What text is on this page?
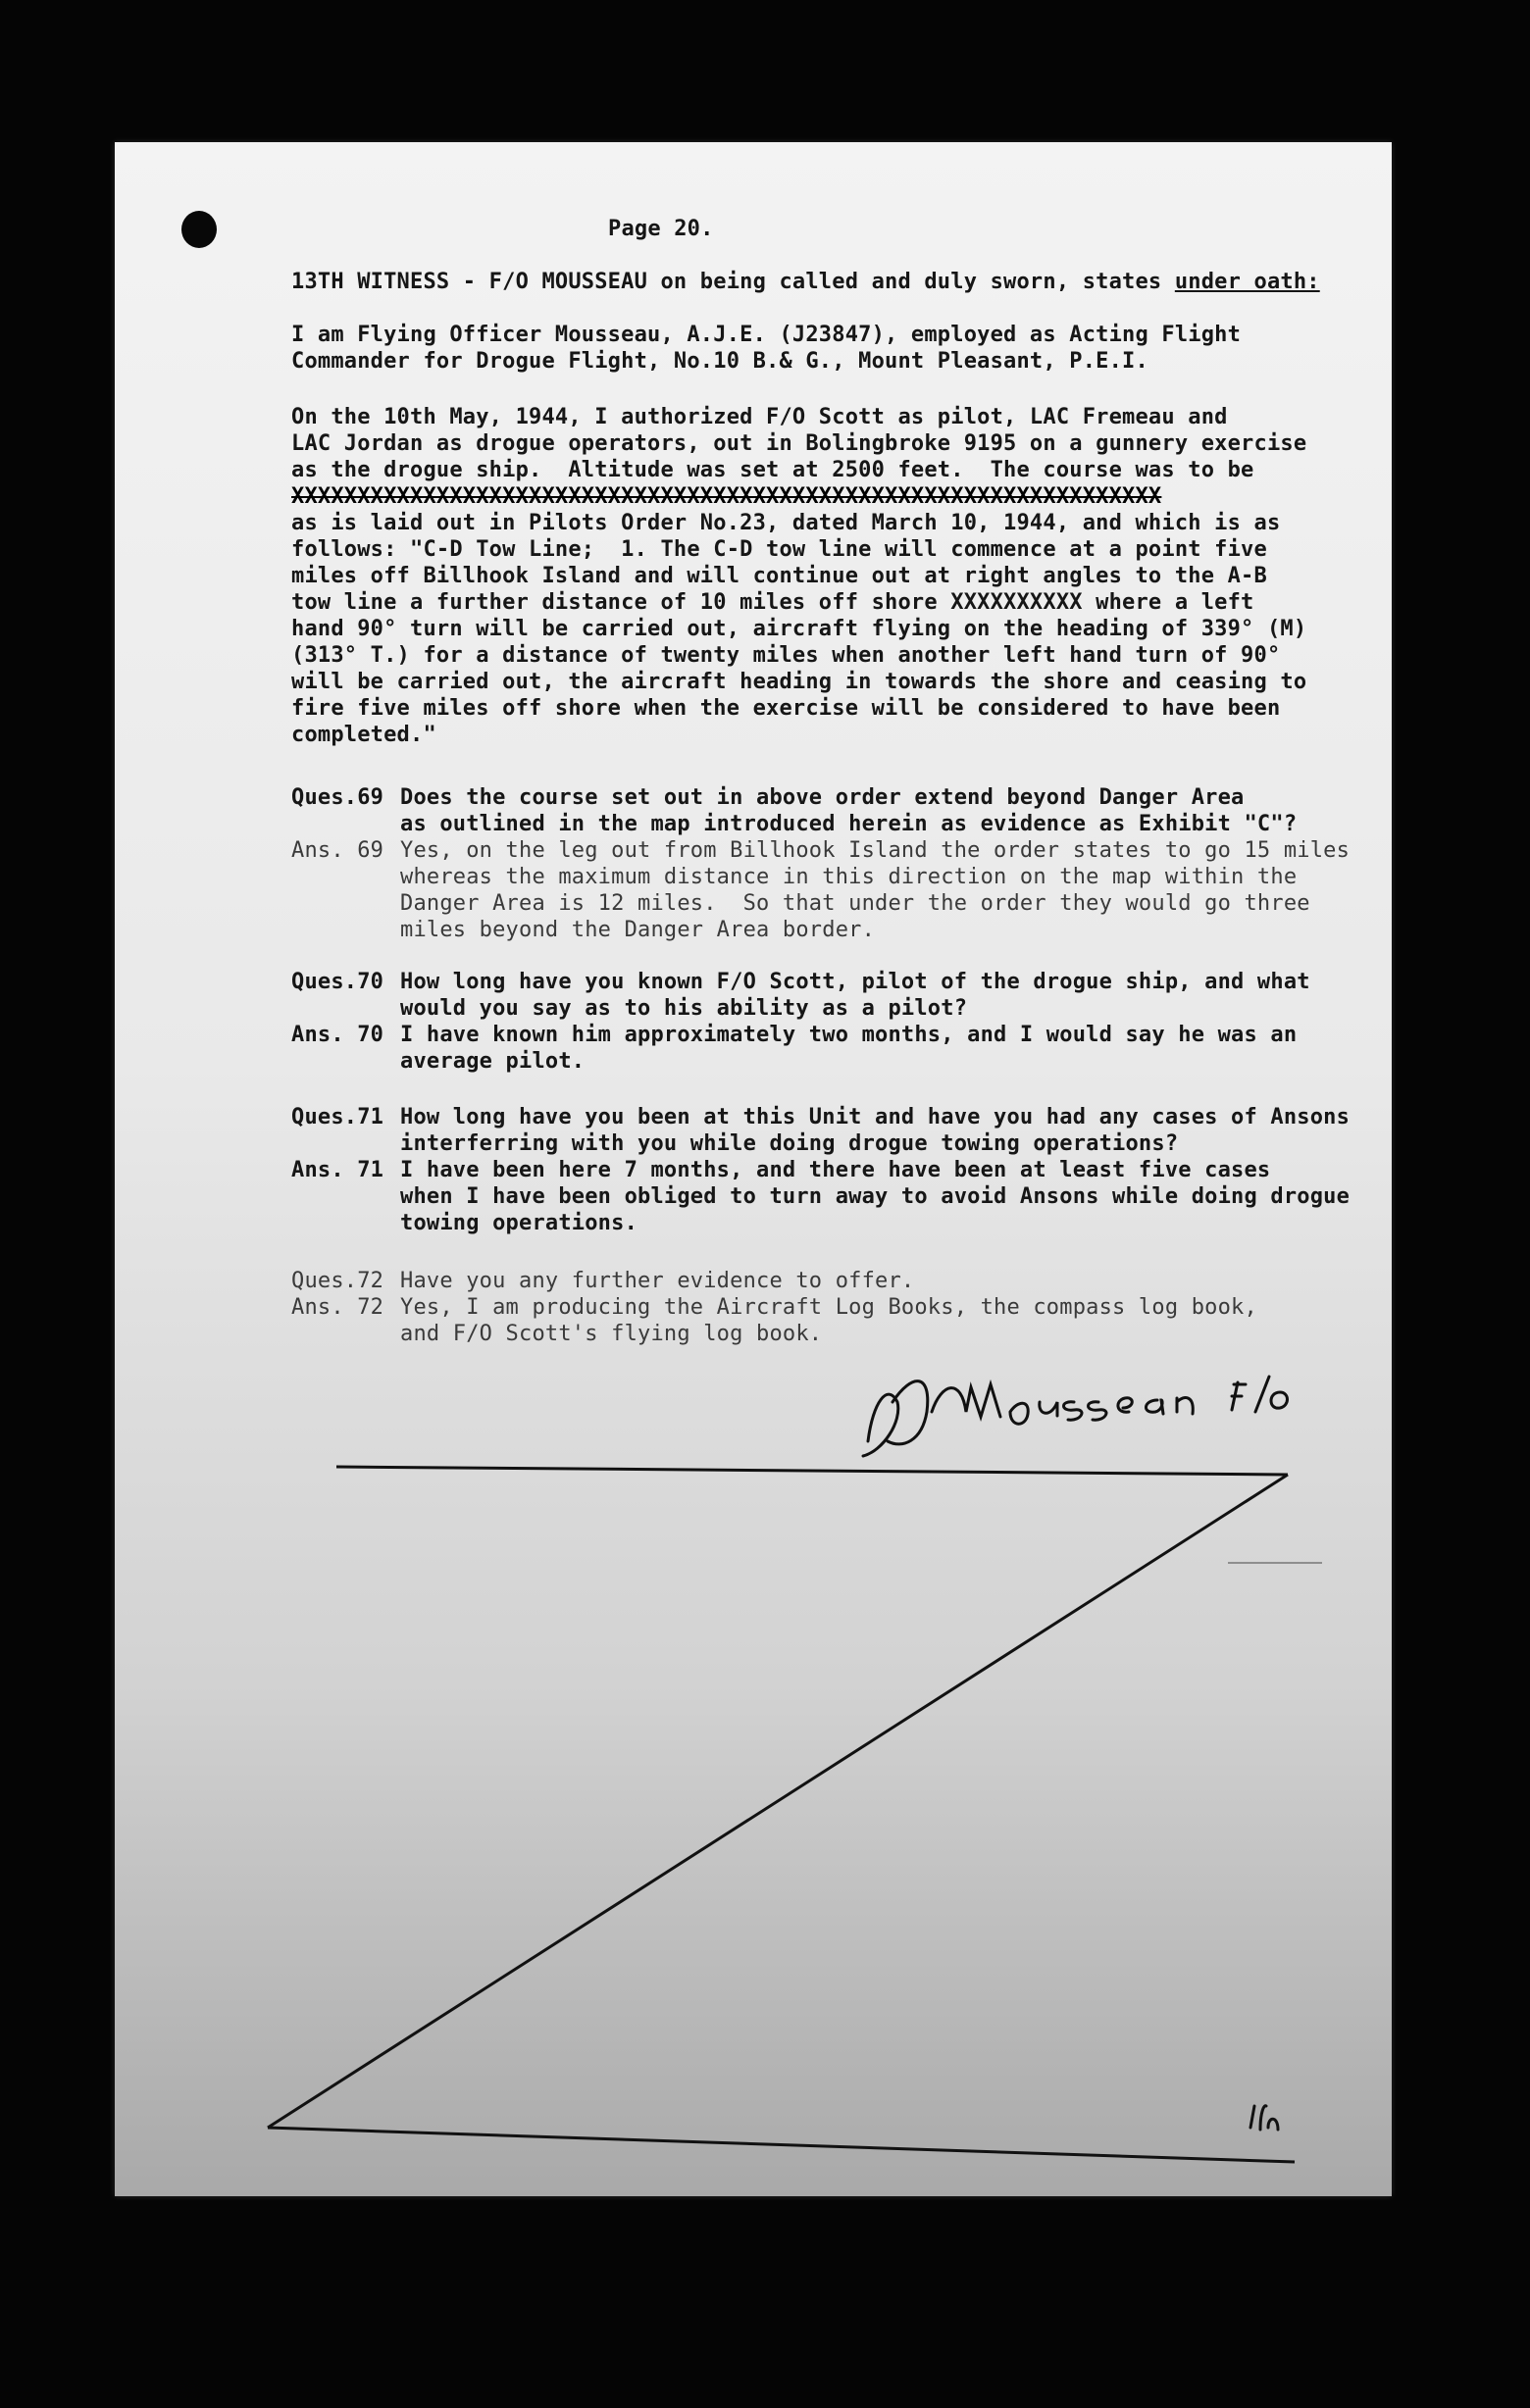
Page 20.
13TH WITNESS - F/O MOUSSEAU on being called and duly sworn, states under oath:
I am Flying Officer Mousseau, A.J.E. (J23847), employed as Acting Flight
Commander for Drogue Flight, No.10 B.& G., Mount Pleasant, P.E.I.
On the 10th May, 1944, I authorized F/O Scott as pilot, LAC Fremeau and
LAC Jordan as drogue operators, out in Bolingbroke 9195 on a gunnery exercise
as the drogue ship.  Altitude was set at 2500 feet.  The course was to be
XXXXXXXXXXXXXXXXXXXXXXXXXXXXXXXXXXXXXXXXXXXXXXXXXXXXXXXXXXXXXXXXXX
as is laid out in Pilots Order No.23, dated March 10, 1944, and which is as
follows: "C-D Tow Line;  1. The C-D tow line will commence at a point five
miles off Billhook Island and will continue out at right angles to the A-B
tow line a further distance of 10 miles off shore XXXXXXXXXX where a left
hand 90° turn will be carried out, aircraft flying on the heading of 339° (M)
(313° T.) for a distance of twenty miles when another left hand turn of 90°
will be carried out, the aircraft heading in towards the shore and ceasing to
fire five miles off shore when the exercise will be considered to have been
completed."
Ques.69 Does the course set out in above order extend beyond Danger Area
as outlined in the map introduced herein as evidence as Exhibit "C"?
Ans. 69 Yes, on the leg out from Billhook Island the order states to go 15 miles
whereas the maximum distance in this direction on the map within the
Danger Area is 12 miles.  So that under the order they would go three
miles beyond the Danger Area border.
Ques.70 How long have you known F/O Scott, pilot of the drogue ship, and what
would you say as to his ability as a pilot?
Ans. 70 I have known him approximately two months, and I would say he was an
average pilot.
Ques.71 How long have you been at this Unit and have you had any cases of Ansons
interferring with you while doing drogue towing operations?
Ans. 71 I have been here 7 months, and there have been at least five cases
when I have been obliged to turn away to avoid Ansons while doing drogue
towing operations.
Ques.72 Have you any further evidence to offer.
Ans. 72 Yes, I am producing the Aircraft Log Books, the compass log book,
and F/O Scott's flying log book.
